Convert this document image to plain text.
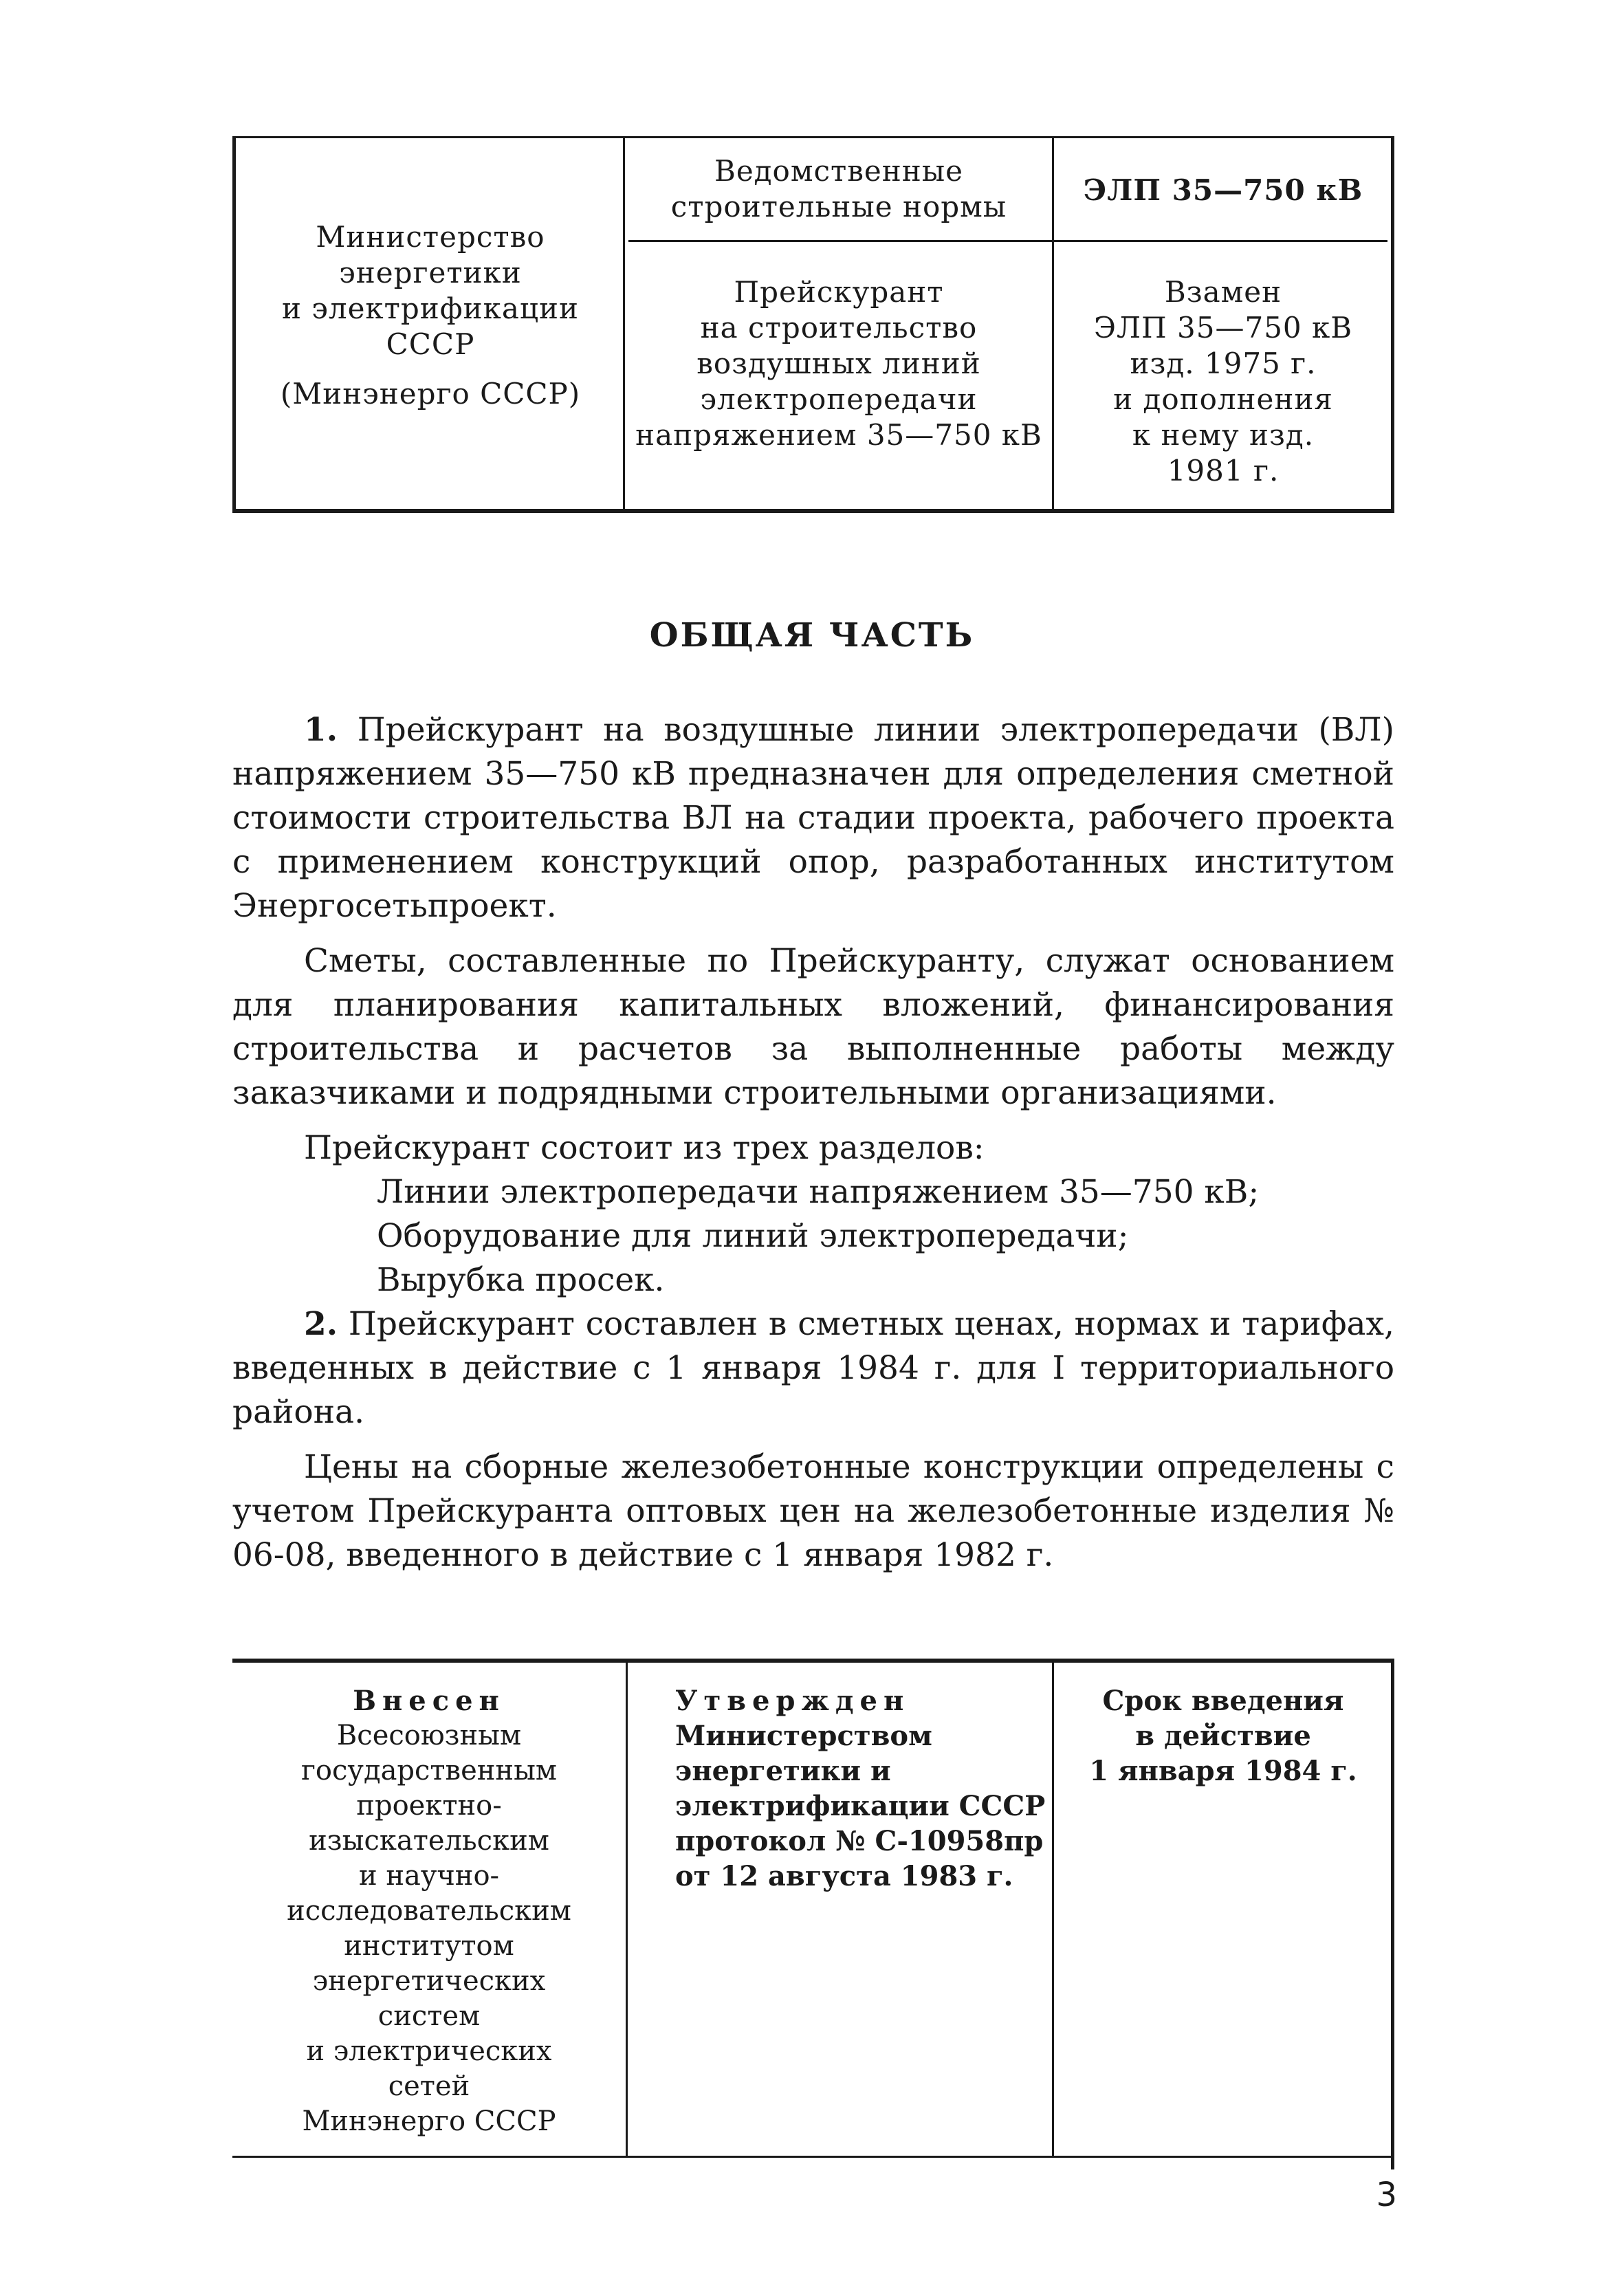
Министерство
энергетики
и электрификации
СССР
(Минэнерго СССР)
Ведомственные
строительные нормы	ЭЛП 35—750 кВ
Прейскурант
на строительство
воздушных линий
электропередачи
напряжением 35—750 кВ
Взамен
ЭЛП 35—750 кВ
изд. 1975 г.
и дополнения
к нему изд.
1981 г.
ОБЩАЯ ЧАСТЬ

1. Прейскурант на воздушные линии электропередачи (ВЛ) напряжением 35—750 кВ предназначен для определения сметной стоимости строительства ВЛ на стадии проекта, рабочего проекта с применением конструкций опор, разработанных институтом Энергосетьпроект.

Сметы, составленные по Прейскуранту, служат основанием для планирования капитальных вложений, финансирования строительства и расчетов за выполненные работы между заказчиками и подрядными строительными организациями.

Прейскурант состоит из трех разделов:

Линии электропередачи напряжением 35—750 кВ;
Оборудование для линий электропередачи;
Вырубка просек.

2. Прейскурант составлен в сметных ценах, нормах и тарифах, введенных в действие с 1 января 1984 г. для I территориального района.

Цены на сборные железобетонные конструкции определены с учетом Прейскуранта оптовых цен на железобетонные изделия № 06-08, введенного в действие с 1 января 1982 г.

Внесен
Всесоюзным
государственным
проектно-
изыскательским
и научно-
исследовательским
институтом
энергетических
систем
и электрических
сетей
Минэнерго СССР
Утвержден
Министерством
энергетики и
электрификации СССР
протокол № С-10958пр
от 12 августа 1983 г.
Срок введения
в действие
1 января 1984 г.
3
